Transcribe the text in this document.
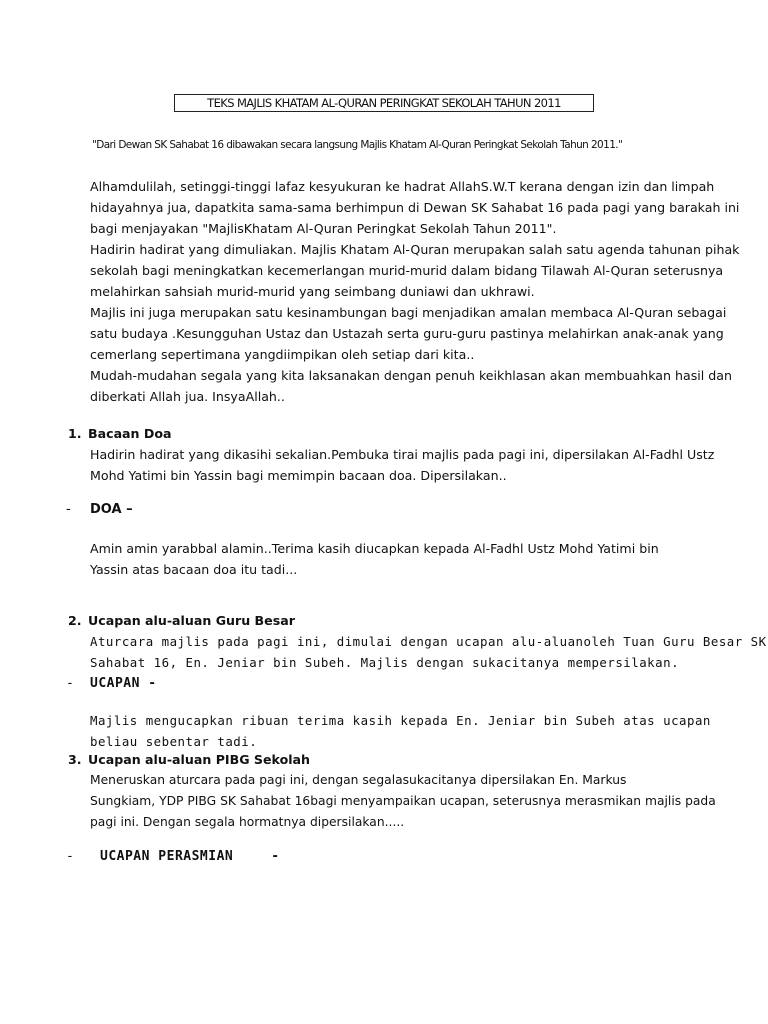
TEKS MAJLIS KHATAM AL-QURAN PERINGKAT SEKOLAH TAHUN 2011
"Dari Dewan SK Sahabat 16 dibawakan secara langsung Majlis Khatam Al-Quran Peringkat Sekolah Tahun 2011."

Alhamdulilah, setinggi-tinggi lafaz kesyukuran ke hadrat AllahS.W.T kerana dengan izin dan limpah

hidayahnya jua, dapatkita sama-sama berhimpun di Dewan SK Sahabat 16 pada pagi yang barakah ini

bagi menjayakan "MajlisKhatam Al-Quran Peringkat Sekolah Tahun 2011".

Hadirin hadirat yang dimuliakan. Majlis Khatam Al-Quran merupakan salah satu agenda tahunan pihak

sekolah bagi meningkatkan kecemerlangan murid-murid dalam bidang Tilawah Al-Quran seterusnya

melahirkan sahsiah murid-murid yang seimbang duniawi dan ukhrawi.

Majlis ini juga merupakan satu kesinambungan bagi menjadikan amalan membaca Al-Quran sebagai

satu budaya .Kesungguhan Ustaz dan Ustazah serta guru-guru pastinya melahirkan anak-anak yang

cemerlang sepertimana yangdiimpikan oleh setiap dari kita..

Mudah-mudahan segala yang kita laksanakan dengan penuh keikhlasan akan membuahkan hasil dan

diberkati Allah jua. InsyaAllah..

1. Bacaan Doa

Hadirin hadirat yang dikasihi sekalian.Pembuka tirai majlis pada pagi ini, dipersilakan Al-Fadhl Ustz

Mohd Yatimi bin Yassin bagi memimpin bacaan doa. Dipersilakan..

- DOA –

Amin amin yarabbal alamin..Terima kasih diucapkan kepada Al-Fadhl Ustz Mohd Yatimi bin

Yassin atas bacaan doa itu tadi...

2. Ucapan alu-aluan Guru Besar

Aturcara majlis pada pagi ini, dimulai dengan ucapan alu-aluanoleh Tuan Guru Besar SK

Sahabat 16, En. Jeniar bin Subeh. Majlis dengan sukacitanya mempersilakan.

- UCAPAN -

Majlis mengucapkan ribuan terima kasih kepada En. Jeniar bin Subeh atas ucapan

beliau sebentar tadi.

3. Ucapan alu-aluan PIBG Sekolah

Meneruskan aturcara pada pagi ini, dengan segalasukacitanya dipersilakan En. Markus

Sungkiam, YDP PIBG SK Sahabat 16bagi menyampaikan ucapan, seterusnya merasmikan majlis pada

pagi ini. Dengan segala hormatnya dipersilakan.....

- UCAPAN PERASMIAN	-
